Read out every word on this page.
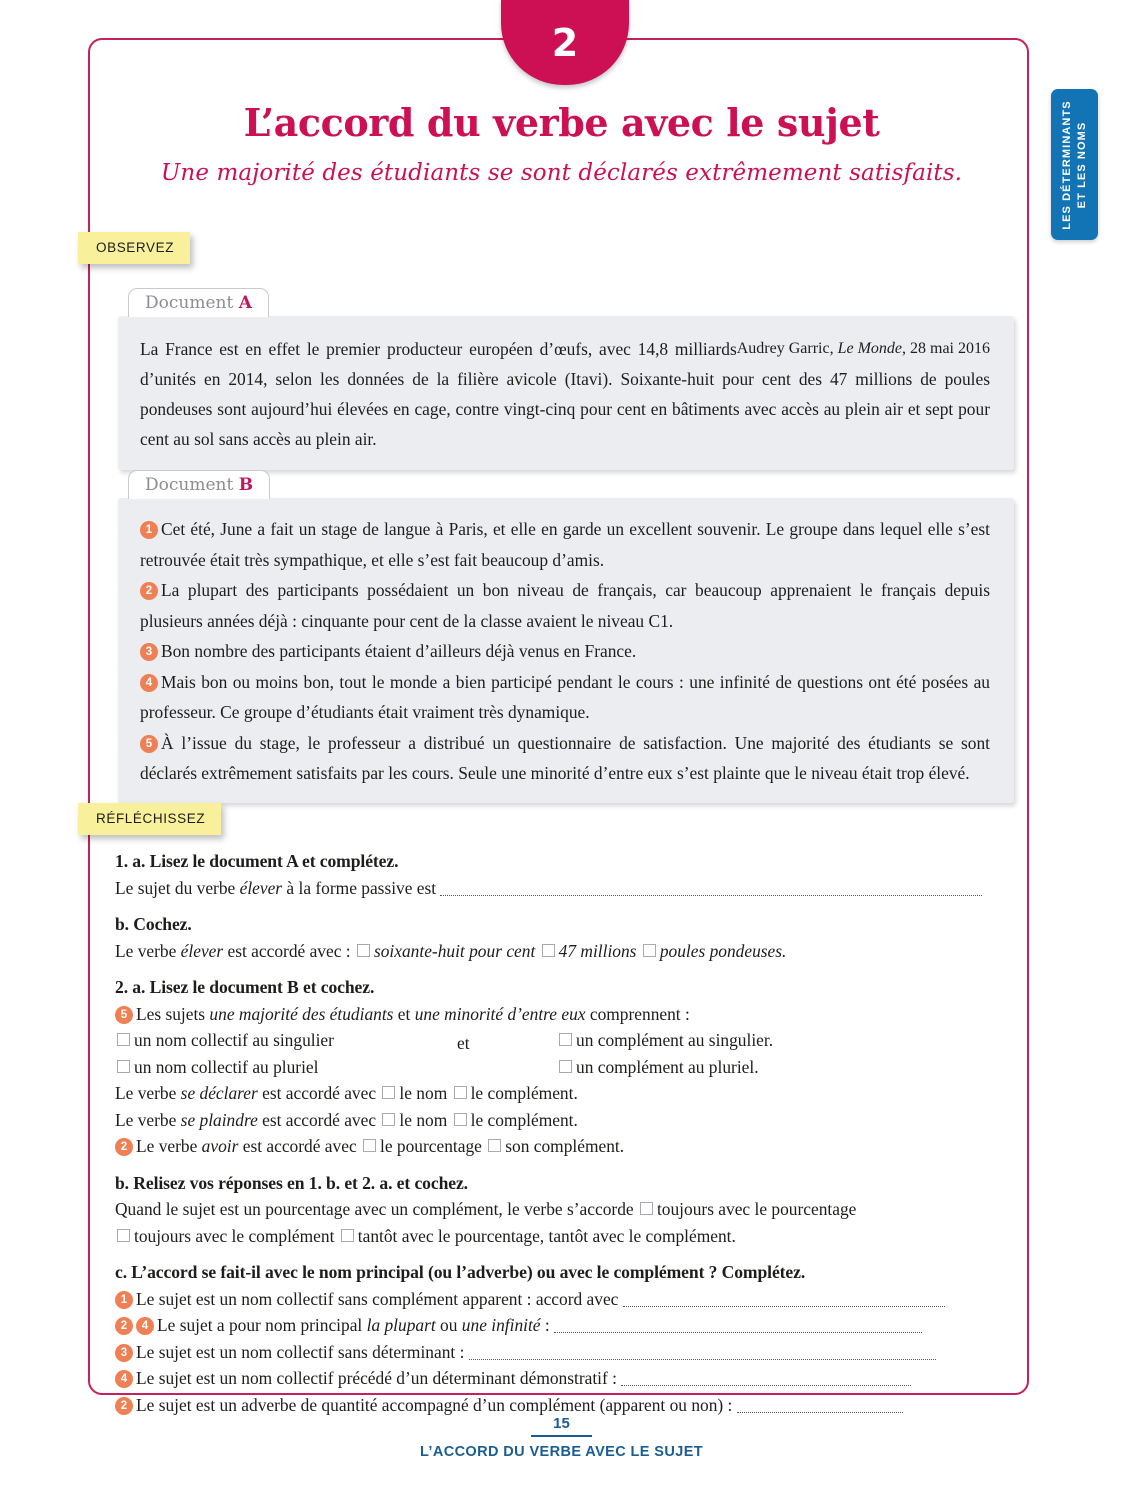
2
LES DÉTERMINANTS ET LES NOMS
L’accord du verbe avec le sujet
Une majorité des étudiants se sont déclarés extrêmement satisfaits.
OBSERVEZ
RÉFLÉCHISSEZ
Document A
Audrey Garric, Le Monde, 28 mai 2016
La France est en effet le premier producteur européen d’œufs, avec 14,8 milliards d’unités en 2014, selon les données de la filière avicole (Itavi). Soixante-huit pour cent des 47 millions de poules pondeuses sont aujourd’hui élevées en cage, contre vingt-cinq pour cent en bâtiments avec accès au plein air et sept pour cent au sol sans accès au plein air.
Document B

1 Cet été, June a fait un stage de langue à Paris, et elle en garde un excellent souvenir. Le groupe dans lequel elle s’est retrouvée était très sympathique, et elle s’est fait beaucoup d’amis.

2 La plupart des participants possédaient un bon niveau de français, car beaucoup apprenaient le français depuis plusieurs années déjà : cinquante pour cent de la classe avaient le niveau C1.

3 Bon nombre des participants étaient d’ailleurs déjà venus en France.

4 Mais bon ou moins bon, tout le monde a bien participé pendant le cours : une infinité de questions ont été posées au professeur. Ce groupe d’étudiants était vraiment très dynamique.

5 À l’issue du stage, le professeur a distribué un questionnaire de satisfaction. Une majorité des étudiants se sont déclarés extrêmement satisfaits par les cours. Seule une minorité d’entre eux s’est plainte que le niveau était trop élevé.

1. a. Lisez le document A et complétez.
Le sujet du verbe élever à la forme passive est
b. Cochez.
Le verbe élever est accordé avec : soixante-huit pour cent 47 millions poules pondeuses.
2. a. Lisez le document B et cochez.
5 Les sujets une majorité des étudiants et une minorité d’entre eux comprennent :
un nom collectif au singulier
un nom collectif au pluriel
et	un complément au singulier.
un complément au pluriel.
Le verbe se déclarer est accordé avec le nom le complément.
Le verbe se plaindre est accordé avec le nom le complément.
2 Le verbe avoir est accordé avec le pourcentage son complément.
b. Relisez vos réponses en 1. b. et 2. a. et cochez.
Quand le sujet est un pourcentage avec un complément, le verbe s’accorde toujours avec le pourcentage
toujours avec le complément tantôt avec le pourcentage, tantôt avec le complément.
c. L’accord se fait-il avec le nom principal (ou l’adverbe) ou avec le complément ? Complétez.
1 Le sujet est un nom collectif sans complément apparent : accord avec
2 4 Le sujet a pour nom principal la plupart ou une infinité :
3 Le sujet est un nom collectif sans déterminant :
4 Le sujet est un nom collectif précédé d’un déterminant démonstratif :
2 Le sujet est un adverbe de quantité accompagné d’un complément (apparent ou non) :
15
L’ACCORD DU VERBE AVEC LE SUJET
